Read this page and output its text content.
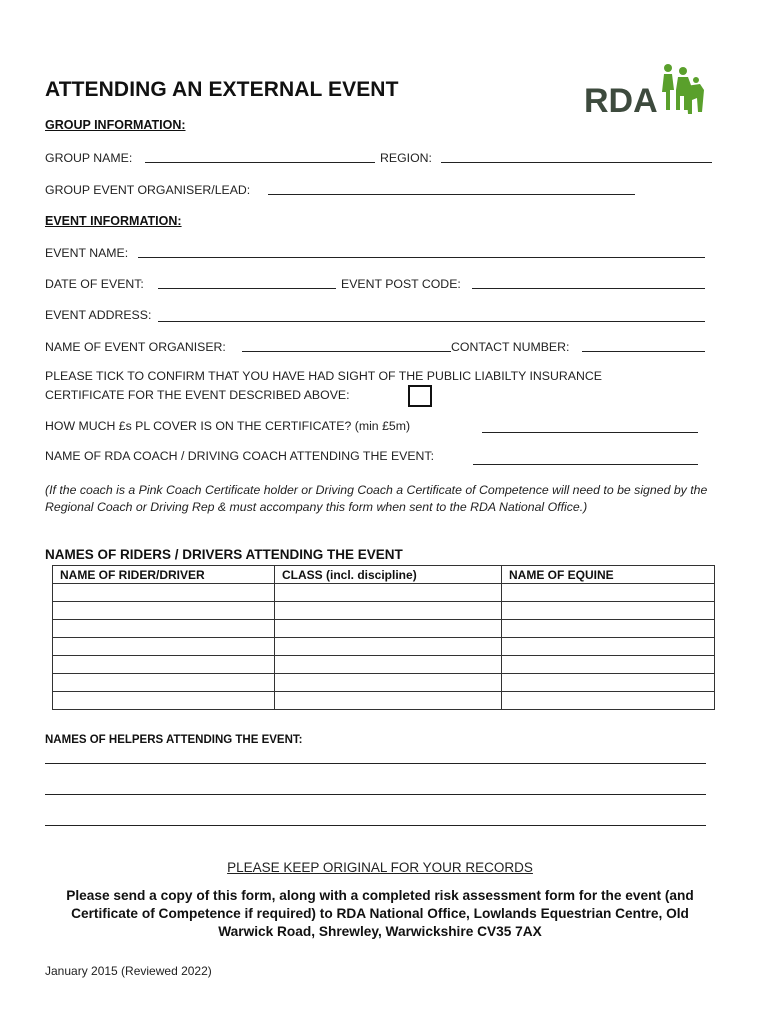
ATTENDING AN EXTERNAL EVENT	RDA
GROUP INFORMATION:
GROUP NAME:	REGION:
GROUP EVENT ORGANISER/LEAD:
EVENT INFORMATION:
EVENT NAME:
DATE OF EVENT:	EVENT POST CODE:
EVENT ADDRESS:
NAME OF EVENT ORGANISER:	CONTACT NUMBER:
PLEASE TICK TO CONFIRM THAT YOU HAVE HAD SIGHT OF THE PUBLIC LIABILTY INSURANCE
CERTIFICATE FOR THE EVENT DESCRIBED ABOVE:
HOW MUCH £s PL COVER IS ON THE CERTIFICATE? (min £5m)
NAME OF RDA COACH / DRIVING COACH ATTENDING THE EVENT:
(If the coach is a Pink Coach Certificate holder or Driving Coach a Certificate of Competence will need to be signed by the Regional Coach or Driving Rep & must accompany this form when sent to the RDA National Office.)
NAMES OF RIDERS / DRIVERS ATTENDING THE EVENT
NAME OF RIDER/DRIVER	CLASS (incl. discipline)	NAME OF EQUINE

NAMES OF HELPERS ATTENDING THE EVENT:
PLEASE KEEP ORIGINAL FOR YOUR RECORDS
Please send a copy of this form, along with a completed risk assessment form for the event (and Certificate of Competence if required) to RDA National Office, Lowlands Equestrian Centre, Old Warwick Road, Shrewley, Warwickshire CV35 7AX
January 2015 (Reviewed 2022)
